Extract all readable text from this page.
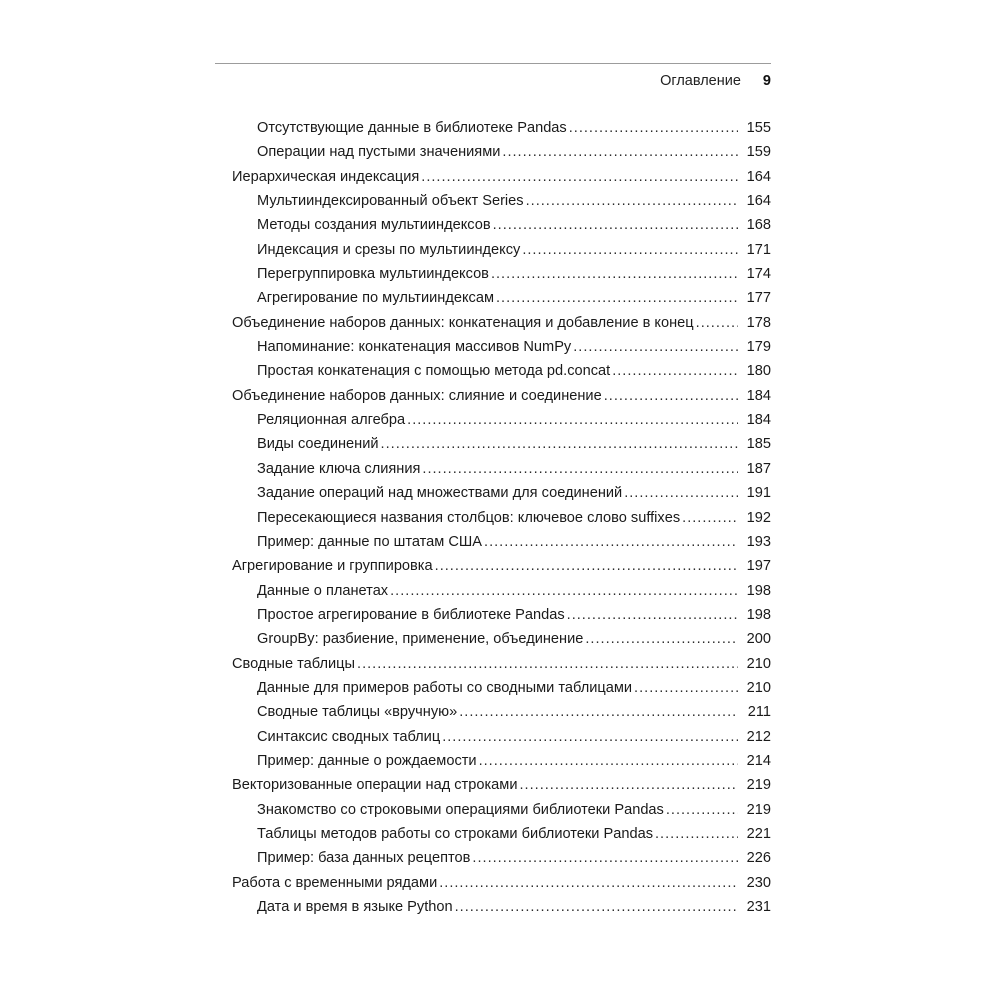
Оглавление 9
Отсутствующие данные в библиотеке Pandas .....	155
Операции над пустыми значениями .....	159
Иерархическая индексация .....	164
Мультииндексированный объект Series .....	164
Методы создания мультииндексов .....	168
Индексация и срезы по мультииндексу .....	171
Перегруппировка мультииндексов .....	174
Агрегирование по мультииндексам .....	177
Объединение наборов данных: конкатенация и добавление в конец .....	178
Напоминание: конкатенация массивов NumPy .....	179
Простая конкатенация с помощью метода pd.concat .....	180
Объединение наборов данных: слияние и соединение .....	184
Реляционная алгебра .....	184
Виды соединений .....	185
Задание ключа слияния .....	187
Задание операций над множествами для соединений .....	191
Пересекающиеся названия столбцов: ключевое слово suffixes .....	192
Пример: данные по штатам США .....	193
Агрегирование и группировка .....	197
Данные о планетах .....	198
Простое агрегирование в библиотеке Pandas .....	198
GroupBy: разбиение, применение, объединение .....	200
Сводные таблицы .....	210
Данные для примеров работы со сводными таблицами .....	210
Сводные таблицы «вручную» .....	211
Синтаксис сводных таблиц .....	212
Пример: данные о рождаемости .....	214
Векторизованные операции над строками .....	219
Знакомство со строковыми операциями библиотеки Pandas .....	219
Таблицы методов работы со строками библиотеки Pandas .....	221
Пример: база данных рецептов .....	226
Работа с временными рядами .....	230
Дата и время в языке Python .....	231
